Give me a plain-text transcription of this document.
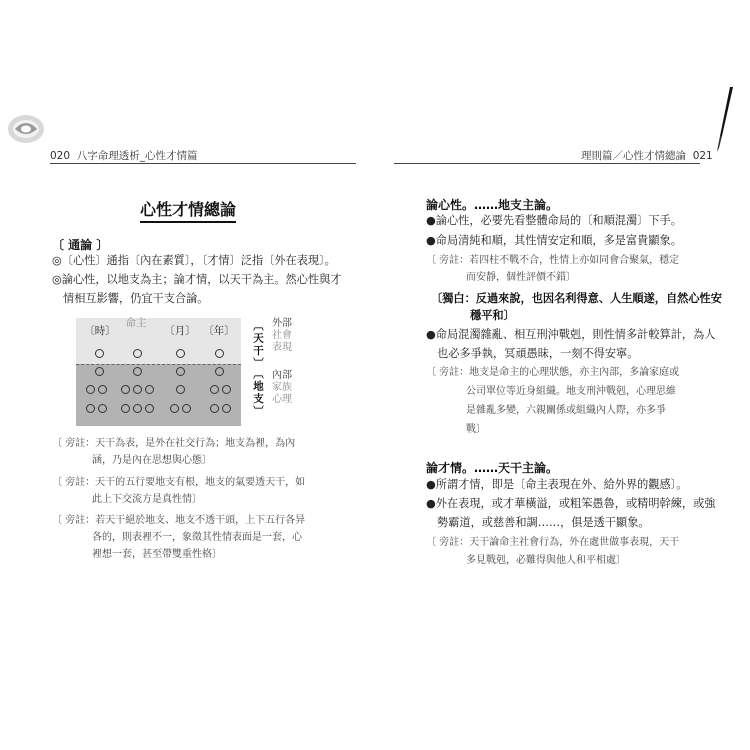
020 八字命理透析_心性才情篇	理則篇／心性才情總論 021
心性才情總論
〔 通論 〕
◎〔心性〕通指〔內在素質〕，〔才情〕泛指〔外在表現〕。
◎論心性，以地支為主；論才情，以天干為主。然心性與才
情相互影響，仍宜干支合論。
〔時〕
命主
〔月〕 〔年〕	〔天干〕
〔地支〕
外部
社會
表現
內部
家族
心理
〔 旁註：天干為表，是外在社交行為；地支為裡，為內
涵，乃是內在思想與心態〕
〔 旁註：天干的五行要地支有根，地支的氣要透天干，如
此上下交流方是真性情〕
〔 旁註：若天干絕於地支、地支不透干頭，上下五行各异
各的，則表裡不一，象徵其性情表面是一套，心
裡想一套，甚至帶雙重性格〕
論心性。……地支主論。
●論心性，必要先看整體命局的〔和順混濁〕下手。
●命局清純和順，其性情安定和順，多是富貴顯象。
〔 旁註：若四柱不戰不合，性情上亦如同會合聚氣，穩定
而安靜，個性評價不錯〕
〔獨白：反過來說，也因名利得意、人生順遂，自然心性安
穩平和〕
●命局混濁雜亂、相互刑沖戰剋，則性情多計較算計，為人
也必多爭執，冥頑愚昧，一刻不得安寧。
〔 旁註：地支是命主的心理狀態，亦主內部，多論家庭或
公司單位等近身組織。地支刑沖戰剋，心理思維
是雜亂多變，六親關係或組織內人際，亦多爭
戰〕
論才情。……天干主論。
●所謂才情，即是〔命主表現在外、給外界的觀感〕。
●外在表現，或才華橫溢，或粗笨愚魯，或精明幹練，或強
勢霸道，或慈善和調……，俱是透干顯象。
〔 旁註：天干論命主社會行為，外在處世做事表現，天干
多見戰剋，必難得與他人和平相處〕
